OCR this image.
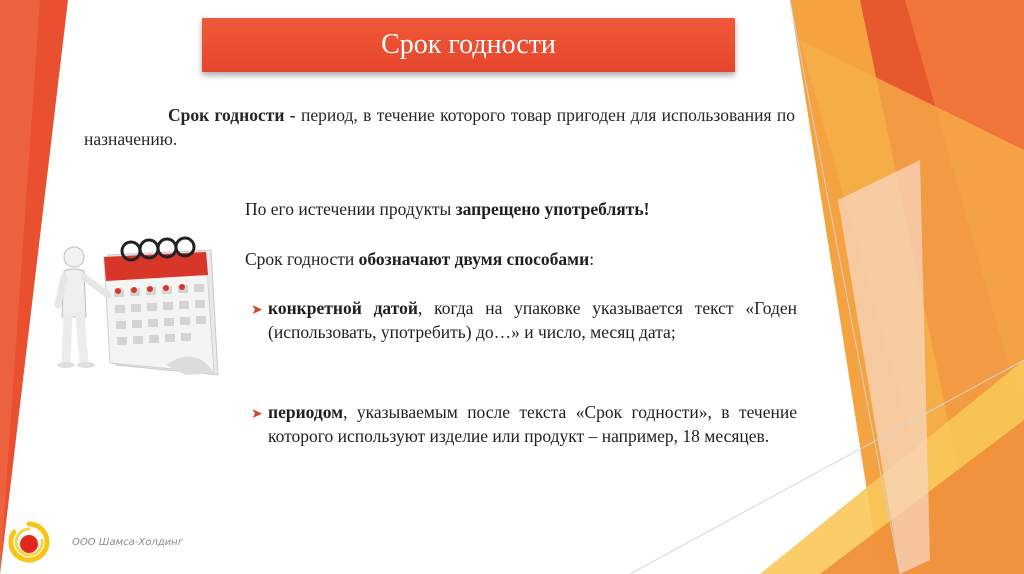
Срок годности

Срок годности - период, в течение которого товар пригоден для использования по назначению.

По его истечении продукты запрещено употреблять!

Срок годности обозначают двумя способами:

➤ конкретной датой, когда на упаковке указывается текст «Годен (использовать, употребить) до…» и число, месяц дата;
➤ периодом, указываемым после текста «Срок годности», в течение которого используют изделие или продукт – например, 18 месяцев.
ООО Шамса-Холдинг
